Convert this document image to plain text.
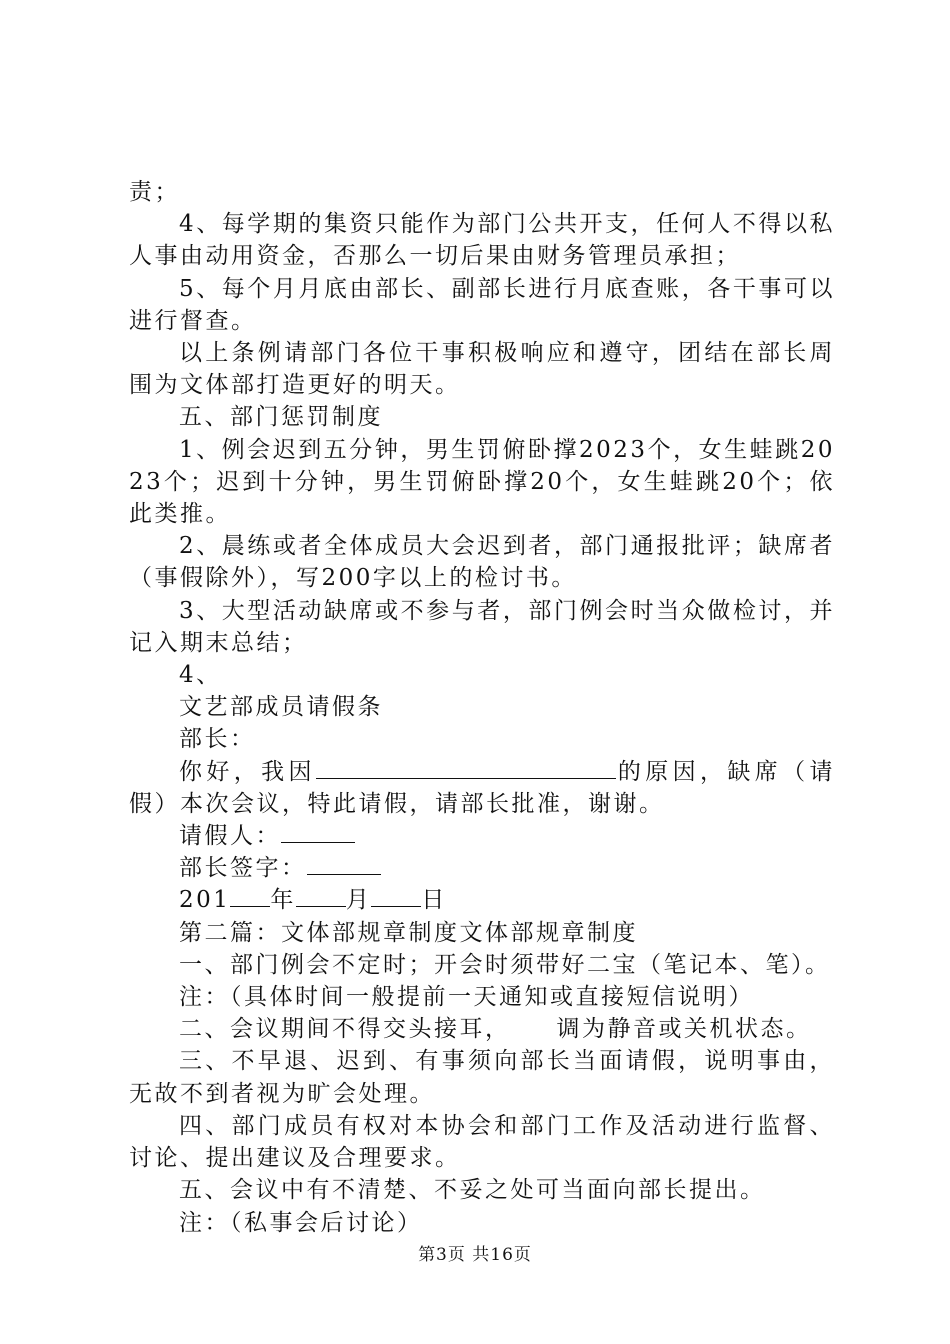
责；

4、每学期的集资只能作为部门公共开支，任何人不得以私人事由动用资金，否那么一切后果由财务管理员承担；

5、每个月月底由部长、副部长进行月底查账，各干事可以进行督查。

以上条例请部门各位干事积极响应和遵守，团结在部长周围为文体部打造更好的明天。

五、部门惩罚制度

1、例会迟到五分钟，男生罚俯卧撑2023个，女生蛙跳2023个；迟到十分钟，男生罚俯卧撑20个，女生蛙跳20个；依此类推。

2、晨练或者全体成员大会迟到者，部门通报批评；缺席者（事假除外），写200字以上的检讨书。

3、大型活动缺席或不参与者，部门例会时当众做检讨，并记入期末总结；

4、

文艺部成员请假条

部长：

你好，我因	的原因，缺席（请假）本次会议，特此请假，请部长批准，谢谢。

请假人：

部长签字：

201 年 月 日

第二篇：文体部规章制度文体部规章制度

一、部门例会不定时；开会时须带好二宝（笔记本、笔）。

注：（具体时间一般提前一天通知或直接短信说明）

二、会议期间不得交头接耳， 调为静音或关机状态。

三、不早退、迟到、有事须向部长当面请假，说明事由，无故不到者视为旷会处理。

四、部门成员有权对本协会和部门工作及活动进行监督、讨论、提出建议及合理要求。

五、会议中有不清楚、不妥之处可当面向部长提出。

注：（私事会后讨论）

第3页 共16页
